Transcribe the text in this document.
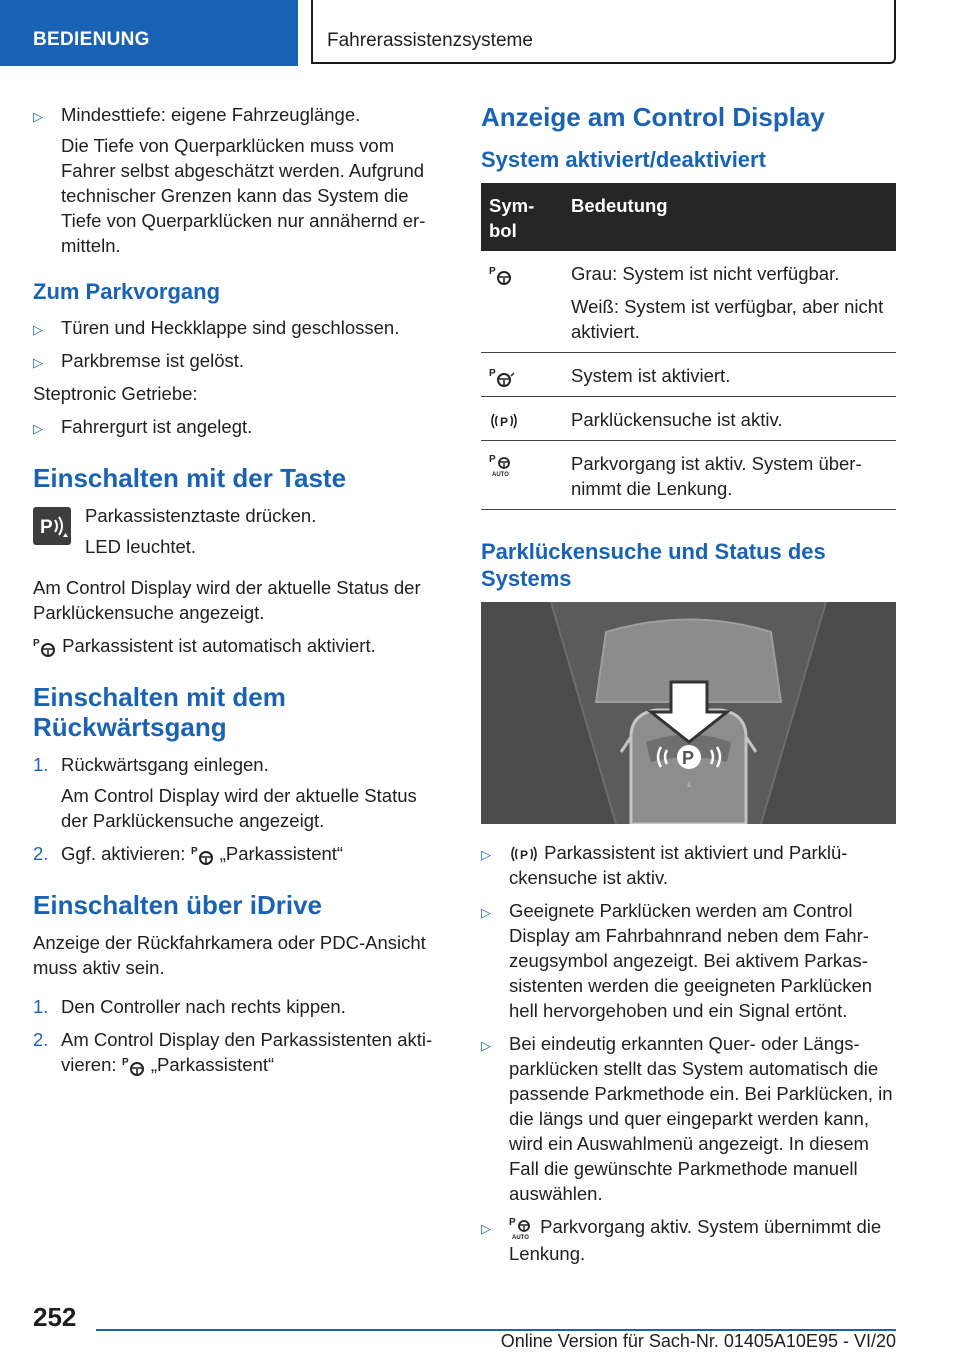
BEDIENUNG	Fahrerassistenzsysteme
▷ Mindesttiefe: eigene Fahrzeuglänge.

Die Tiefe von Querparklücken muss vom Fahrer selbst abgeschätzt werden. Aufgrund technischer Grenzen kann das System die Tiefe von Querparklücken nur annähernd er‐mitteln.

Zum Parkvorgang
▷ Türen und Heckklappe sind geschlossen.
▷ Parkbremse ist gelöst.

Steptronic Getriebe:

▷ Fahrergurt ist angelegt.
Einschalten mit der Taste
P

Parkassistenztaste drücken.

LED leuchtet.

Am Control Display wird der aktuelle Status der Parklückensuche angezeigt.

P Parkassistent ist automatisch aktiviert.

Einschalten mit dem Rückwärtsgang
1. Rückwärtsgang einlegen.

Am Control Display wird der aktuelle Status der Parklückensuche angezeigt.

2. Ggf. aktivieren: P „Parkassistent“
Einschalten über iDrive

Anzeige der Rückfahrkamera oder PDC-Ansicht muss aktiv sein.

1. Den Controller nach rechts kippen.
2. Am Control Display den Parkassistenten akti‐vieren: P „Parkassistent“
Anzeige am Control Display
System aktiviert/deaktiviert
Sym‐bol	Bedeutung

P	Grau: System ist nicht verfügbar.

Weiß: System ist verfügbar, aber nicht aktiviert.

P	System ist aktiviert.

P	Parklückensuche ist aktiv.

P
AUTO	Parkvorgang ist aktiv. System über‐nimmt die Lenkung.
Parklückensuche und Status des Systems
P
▷ P Parkassistent ist aktiviert und Parklü‐ckensuche ist aktiv.
▷ Geeignete Parklücken werden am Control Display am Fahrbahnrand neben dem Fahr‐zeugsymbol angezeigt. Bei aktivem Parkas‐sistenten werden die geeigneten Parklücken hell hervorgehoben und ein Signal ertönt.
▷ Bei eindeutig erkannten Quer- oder Längs‐parklücken stellt das System automatisch die passende Parkmethode ein. Bei Parklücken, in die längs und quer eingeparkt werden kann, wird ein Auswahlmenü angezeigt. In diesem Fall die gewünschte Parkmethode manuell auswählen.
▷ P
AUTO
Parkvorgang aktiv. System übernimmt die Lenkung.
252
Online Version für Sach-Nr. 01405A10E95 - VI/20
